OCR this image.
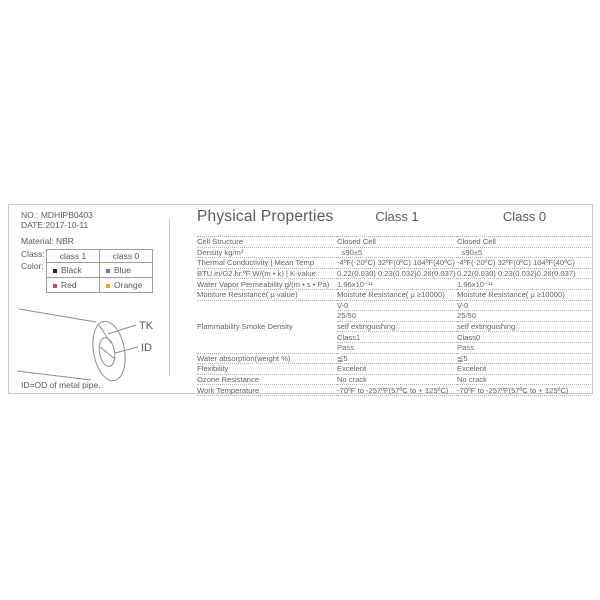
NO.: MDHIPB0403
DATE:2017-10-11
Material: NBR
Class:
Color:
class 1	class 0
Black	Blue
Red	Orange
TK
ID
ID=OD of metal pipe.
Physical Properties	Class 1	Class 0
Cell Structure	Closed Cell	Closed Cell
Density kg/m³	≤90±5	≤90±5
Thermal Conductivity | Mean Temp	-4ºF(-20ºC) 32ºF(0ºC) 104ºF(40ºC)	-4ºF(-20ºC) 32ºF(0ºC) 104ºF(40ºC)
BTU.in/G2.hr.ºF W/(m • k) | K-value	0.22(0.030) 0.23(0.032)0.26(0.037)	0.22(0.030) 0.23(0.032)0.26(0.037)
Water Vapor Permeability g/(m • s • Pa)	1.96x10⁻¹¹	1.96x10⁻¹¹
Moisture Resistance( μ value)	Moisture Resistance( μ ≥10000)	Moisture Resistance( μ ≥10000)
Flammability Smoke Density	V-0	V-0
	25/50	25/50
	self extinguishing	self extinguishing
	Class1	Class0
	Pass	Pass
Water absorption(weight %)	≦5	≦5
Flexibility	Excelent	Excelent
Ozone Resistance	No crack	No crack
Work Temperature	-70ºF to -257ºF(57ºC to + 125ºC)	-70ºF to -257ºF(57ºC to + 125ºC)
